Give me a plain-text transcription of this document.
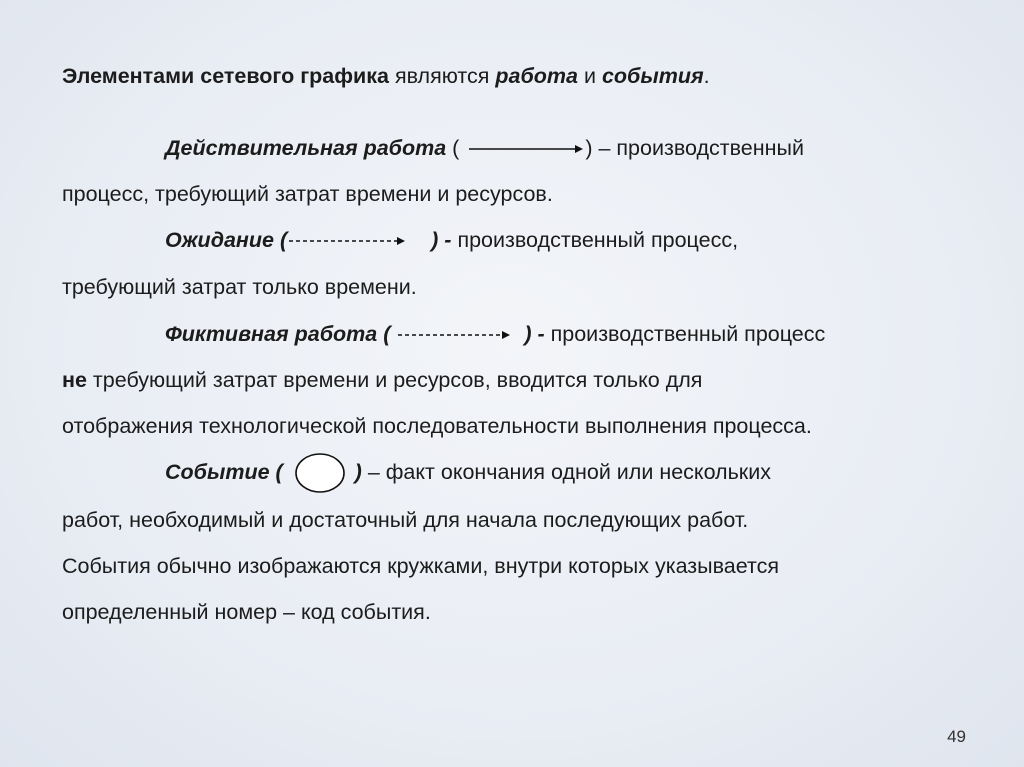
Элементами сетевого графика являются работа и события.
Действительная работа (	) – производственный
процесс, требующий затрат времени и ресурсов.
Ожидание (	) - производственный процесс,
требующий затрат только времени.
Фиктивная работа (	) - производственный процесс
не требующий затрат времени и ресурсов, вводится только для
отображения технологической последовательности выполнения процесса.
Событие (	) – факт окончания одной или нескольких
работ, необходимый и достаточный для начала последующих работ.
События обычно изображаются кружками, внутри которых указывается
определенный номер – код события.
49
